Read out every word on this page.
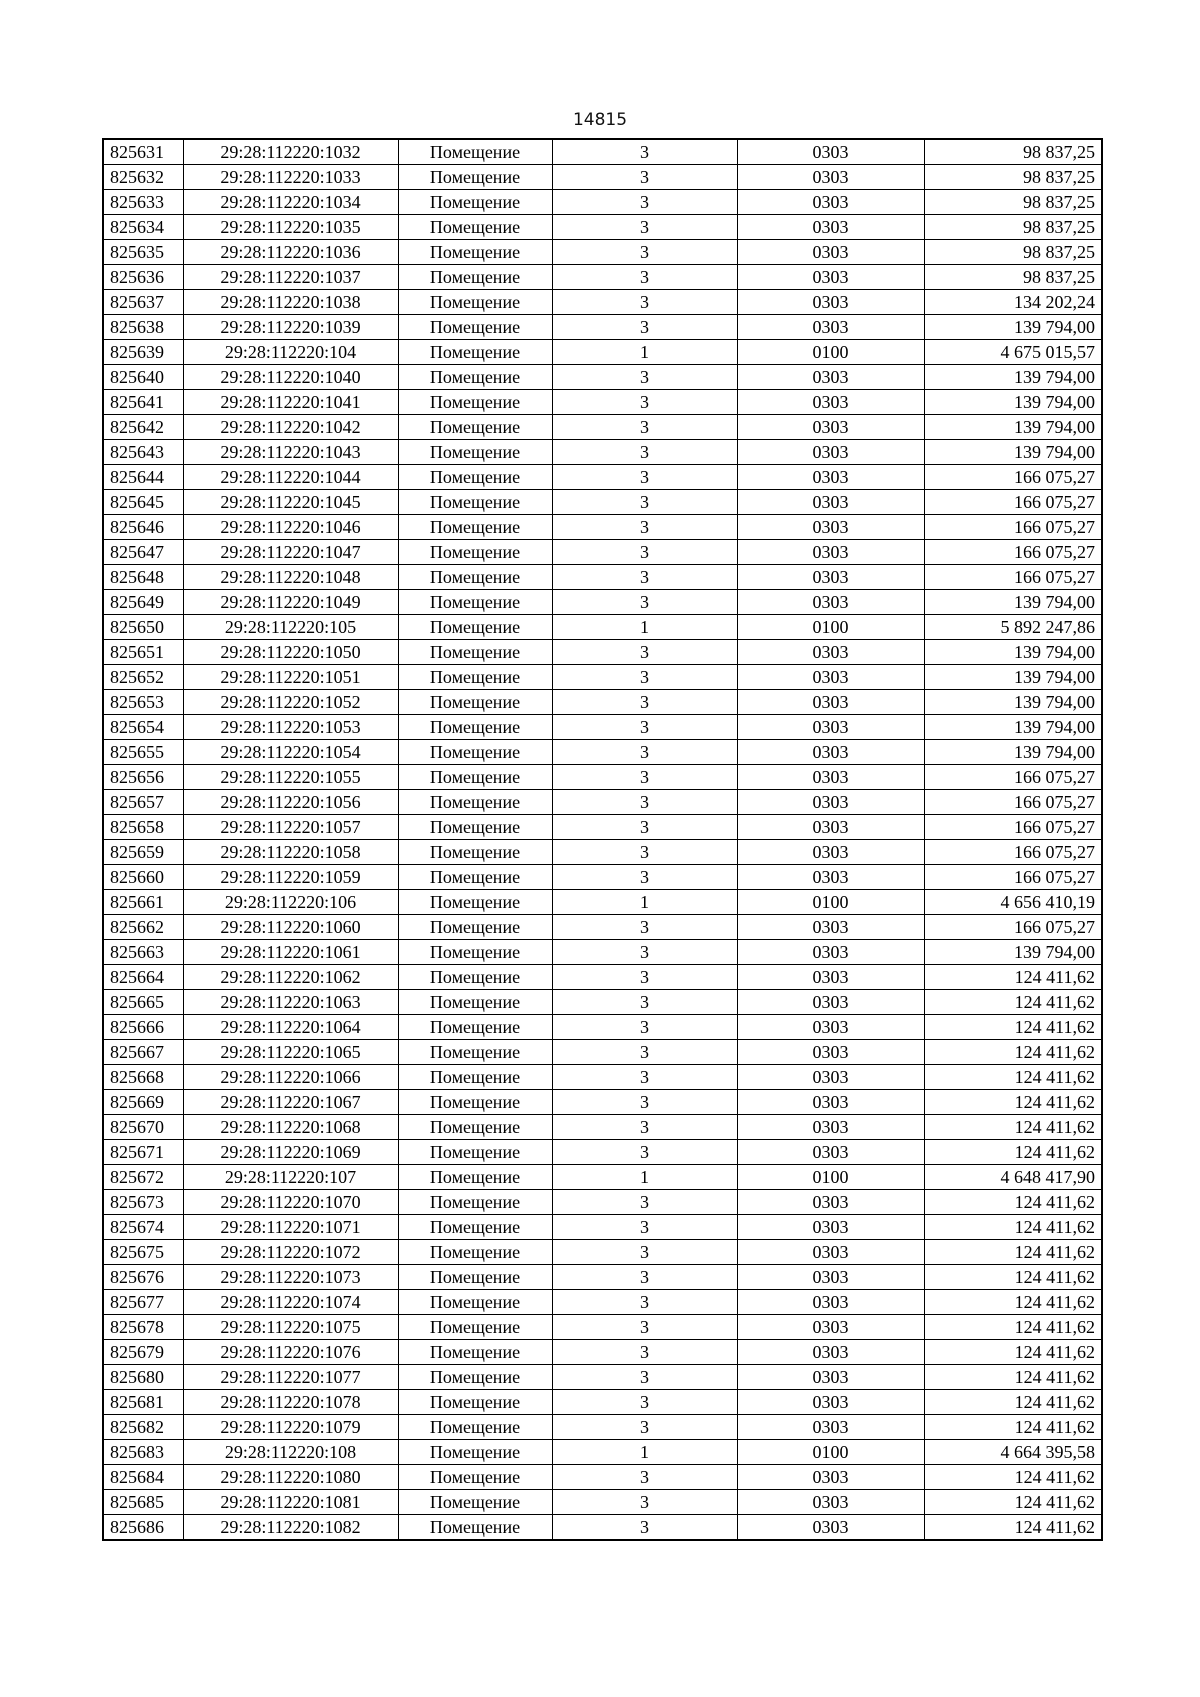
14815
825631	29:28:112220:1032	Помещение	3	0303	98 837,25
825632	29:28:112220:1033	Помещение	3	0303	98 837,25
825633	29:28:112220:1034	Помещение	3	0303	98 837,25
825634	29:28:112220:1035	Помещение	3	0303	98 837,25
825635	29:28:112220:1036	Помещение	3	0303	98 837,25
825636	29:28:112220:1037	Помещение	3	0303	98 837,25
825637	29:28:112220:1038	Помещение	3	0303	134 202,24
825638	29:28:112220:1039	Помещение	3	0303	139 794,00
825639	29:28:112220:104	Помещение	1	0100	4 675 015,57
825640	29:28:112220:1040	Помещение	3	0303	139 794,00
825641	29:28:112220:1041	Помещение	3	0303	139 794,00
825642	29:28:112220:1042	Помещение	3	0303	139 794,00
825643	29:28:112220:1043	Помещение	3	0303	139 794,00
825644	29:28:112220:1044	Помещение	3	0303	166 075,27
825645	29:28:112220:1045	Помещение	3	0303	166 075,27
825646	29:28:112220:1046	Помещение	3	0303	166 075,27
825647	29:28:112220:1047	Помещение	3	0303	166 075,27
825648	29:28:112220:1048	Помещение	3	0303	166 075,27
825649	29:28:112220:1049	Помещение	3	0303	139 794,00
825650	29:28:112220:105	Помещение	1	0100	5 892 247,86
825651	29:28:112220:1050	Помещение	3	0303	139 794,00
825652	29:28:112220:1051	Помещение	3	0303	139 794,00
825653	29:28:112220:1052	Помещение	3	0303	139 794,00
825654	29:28:112220:1053	Помещение	3	0303	139 794,00
825655	29:28:112220:1054	Помещение	3	0303	139 794,00
825656	29:28:112220:1055	Помещение	3	0303	166 075,27
825657	29:28:112220:1056	Помещение	3	0303	166 075,27
825658	29:28:112220:1057	Помещение	3	0303	166 075,27
825659	29:28:112220:1058	Помещение	3	0303	166 075,27
825660	29:28:112220:1059	Помещение	3	0303	166 075,27
825661	29:28:112220:106	Помещение	1	0100	4 656 410,19
825662	29:28:112220:1060	Помещение	3	0303	166 075,27
825663	29:28:112220:1061	Помещение	3	0303	139 794,00
825664	29:28:112220:1062	Помещение	3	0303	124 411,62
825665	29:28:112220:1063	Помещение	3	0303	124 411,62
825666	29:28:112220:1064	Помещение	3	0303	124 411,62
825667	29:28:112220:1065	Помещение	3	0303	124 411,62
825668	29:28:112220:1066	Помещение	3	0303	124 411,62
825669	29:28:112220:1067	Помещение	3	0303	124 411,62
825670	29:28:112220:1068	Помещение	3	0303	124 411,62
825671	29:28:112220:1069	Помещение	3	0303	124 411,62
825672	29:28:112220:107	Помещение	1	0100	4 648 417,90
825673	29:28:112220:1070	Помещение	3	0303	124 411,62
825674	29:28:112220:1071	Помещение	3	0303	124 411,62
825675	29:28:112220:1072	Помещение	3	0303	124 411,62
825676	29:28:112220:1073	Помещение	3	0303	124 411,62
825677	29:28:112220:1074	Помещение	3	0303	124 411,62
825678	29:28:112220:1075	Помещение	3	0303	124 411,62
825679	29:28:112220:1076	Помещение	3	0303	124 411,62
825680	29:28:112220:1077	Помещение	3	0303	124 411,62
825681	29:28:112220:1078	Помещение	3	0303	124 411,62
825682	29:28:112220:1079	Помещение	3	0303	124 411,62
825683	29:28:112220:108	Помещение	1	0100	4 664 395,58
825684	29:28:112220:1080	Помещение	3	0303	124 411,62
825685	29:28:112220:1081	Помещение	3	0303	124 411,62
825686	29:28:112220:1082	Помещение	3	0303	124 411,62
